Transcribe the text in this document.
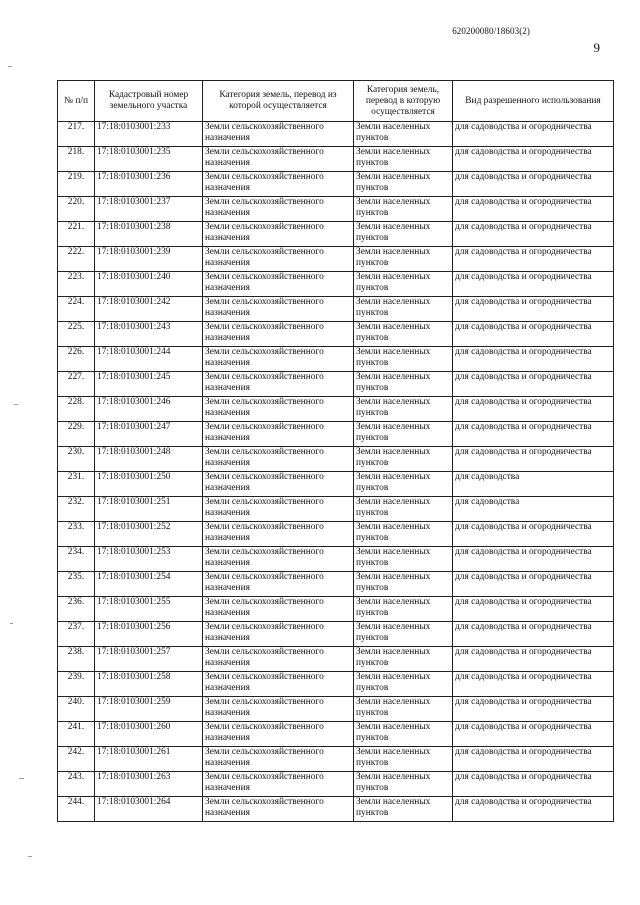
620200080/18603(2)
9
№ п/п	Кадастровый номер земельного участка	Категория земель, перевод из которой осуществляется	Категория земель, перевод в которую осуществляется	Вид разрешенного использования
217.	17:18:0103001:233	Земли сельскохозяйственного назначения	Земли населенных пунктов	для садоводства и огородничества
218.	17:18:0103001:235	Земли сельскохозяйственного назначения	Земли населенных пунктов	для садоводства и огородничества
219.	17:18:0103001:236	Земли сельскохозяйственного назначения	Земли населенных пунктов	для садоводства и огородничества
220.	17:18:0103001:237	Земли сельскохозяйственного назначения	Земли населенных пунктов	для садоводства и огородничества
221.	17:18:0103001:238	Земли сельскохозяйственного назначения	Земли населенных пунктов	для садоводства и огородничества
222.	17:18:0103001:239	Земли сельскохозяйственного назначения	Земли населенных пунктов	для садоводства и огородничества
223.	17:18:0103001:240	Земли сельскохозяйственного назначения	Земли населенных пунктов	для садоводства и огородничества
224.	17:18:0103001:242	Земли сельскохозяйственного назначения	Земли населенных пунктов	для садоводства и огородничества
225.	17:18:0103001:243	Земли сельскохозяйственного назначения	Земли населенных пунктов	для садоводства и огородничества
226.	17:18:0103001:244	Земли сельскохозяйственного назначения	Земли населенных пунктов	для садоводства и огородничества
227.	17:18:0103001:245	Земли сельскохозяйственного назначения	Земли населенных пунктов	для садоводства и огородничества
228.	17:18:0103001:246	Земли сельскохозяйственного назначения	Земли населенных пунктов	для садоводства и огородничества
229.	17:18:0103001:247	Земли сельскохозяйственного назначения	Земли населенных пунктов	для садоводства и огородничества
230.	17:18:0103001:248	Земли сельскохозяйственного назначения	Земли населенных пунктов	для садоводства и огородничества
231.	17:18:0103001:250	Земли сельскохозяйственного назначения	Земли населенных пунктов	для садоводства
232.	17:18:0103001:251	Земли сельскохозяйственного назначения	Земли населенных пунктов	для садоводства
233.	17:18:0103001:252	Земли сельскохозяйственного назначения	Земли населенных пунктов	для садоводства и огородничества
234.	17:18:0103001:253	Земли сельскохозяйственного назначения	Земли населенных пунктов	для садоводства и огородничества
235.	17:18:0103001:254	Земли сельскохозяйственного назначения	Земли населенных пунктов	для садоводства и огородничества
236.	17:18:0103001:255	Земли сельскохозяйственного назначения	Земли населенных пунктов	для садоводства и огородничества
237.	17:18:0103001:256	Земли сельскохозяйственного назначения	Земли населенных пунктов	для садоводства и огородничества
238.	17:18:0103001:257	Земли сельскохозяйственного назначения	Земли населенных пунктов	для садоводства и огородничества
239.	17:18:0103001:258	Земли сельскохозяйственного назначения	Земли населенных пунктов	для садоводства и огородничества
240.	17:18:0103001:259	Земли сельскохозяйственного назначения	Земли населенных пунктов	для садоводства и огородничества
241.	17:18:0103001:260	Земли сельскохозяйственного назначения	Земли населенных пунктов	для садоводства и огородничества
242.	17:18:0103001:261	Земли сельскохозяйственного назначения	Земли населенных пунктов	для садоводства и огородничества
243.	17:18:0103001:263	Земли сельскохозяйственного назначения	Земли населенных пунктов	для садоводства и огородничества
244.	17:18:0103001:264	Земли сельскохозяйственного назначения	Земли населенных пунктов	для садоводства и огородничества
